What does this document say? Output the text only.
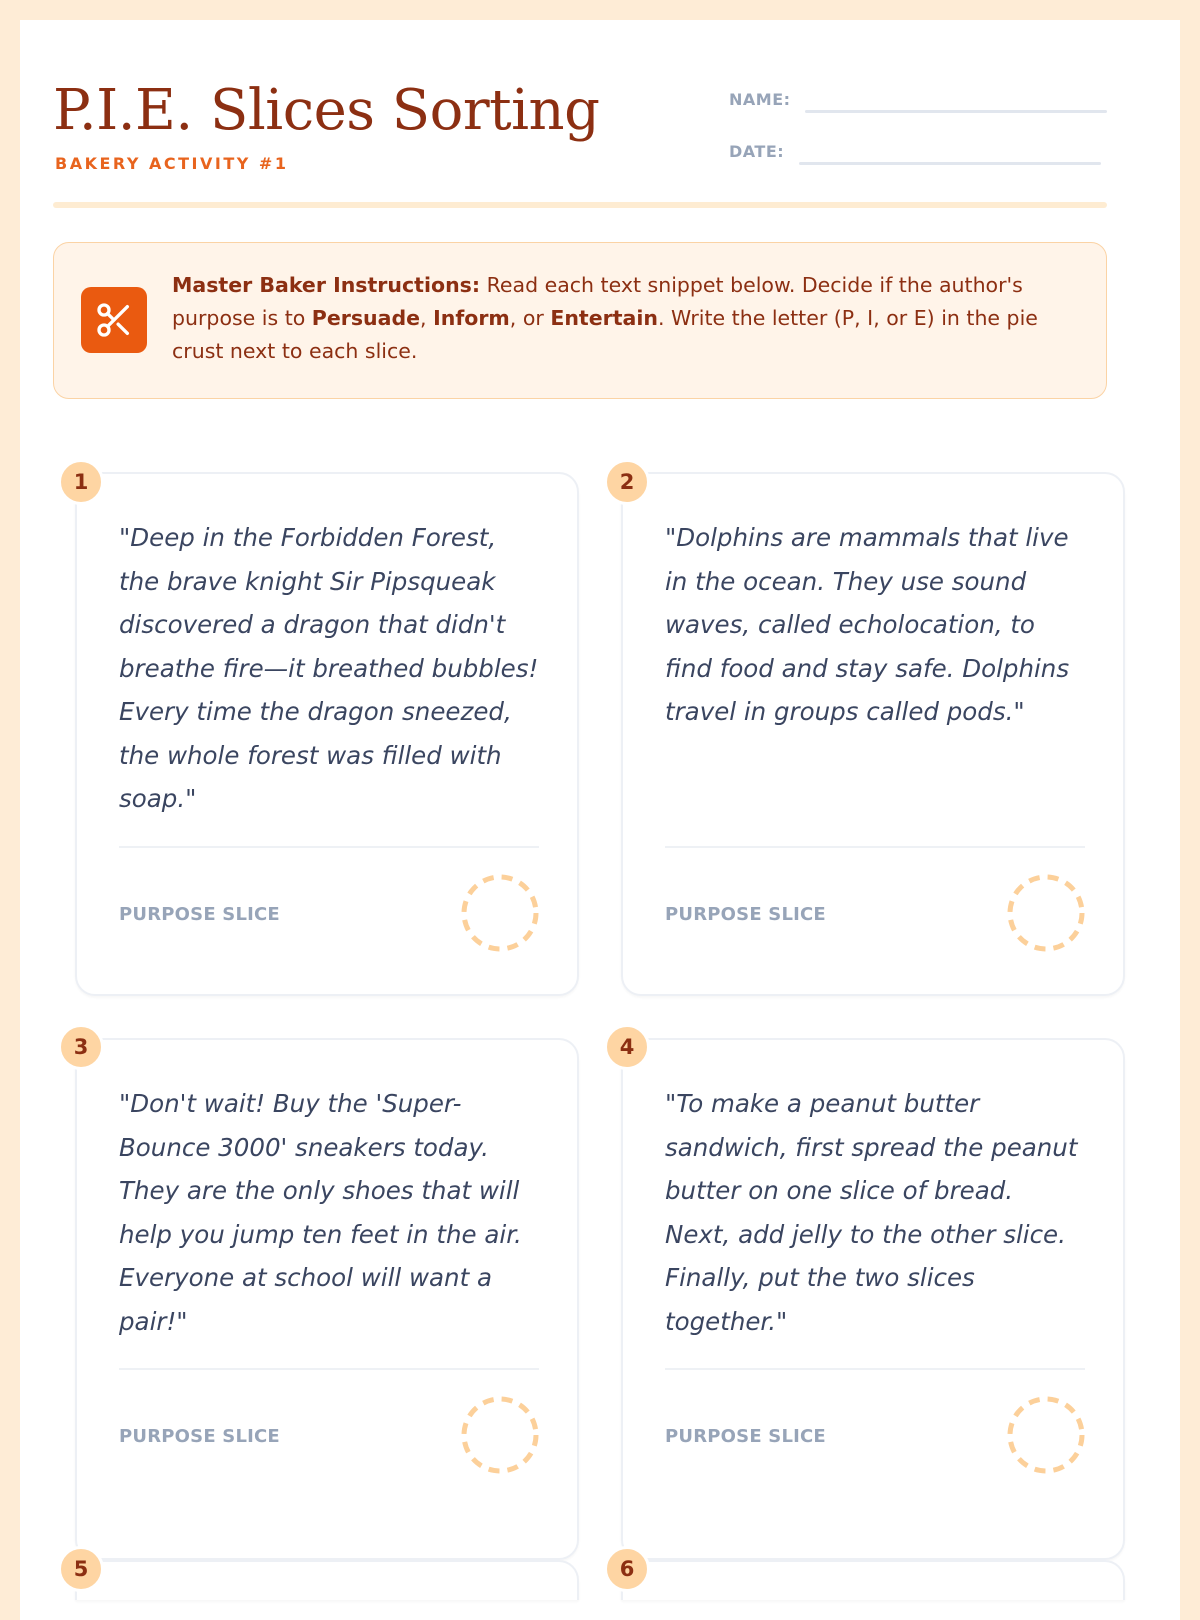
P.I.E. Slices Sorting
BAKERY ACTIVITY #1
NAME:
DATE:
Master Baker Instructions: Read each text snippet below. Decide if the author's purpose is to Persuade, Inform, or Entertain. Write the letter (P, I, or E) in the pie crust next to each slice.
"Deep in the Forbidden Forest, the brave knight Sir Pipsqueak discovered a dragon that didn't breathe fire—it breathed bubbles! Every time the dragon sneezed, the whole forest was filled with soap."
PURPOSE SLICE
1
"Dolphins are mammals that live in the ocean. They use sound waves, called echolocation, to find food and stay safe. Dolphins travel in groups called pods."
PURPOSE SLICE
2
"Don't wait! Buy the 'Super-Bounce 3000' sneakers today. They are the only shoes that will help you jump ten feet in the air. Everyone at school will want a pair!"
PURPOSE SLICE
3
"To make a peanut butter sandwich, first spread the peanut butter on one slice of bread. Next, add jelly to the other slice. Finally, put the two slices together."
PURPOSE SLICE
4
5	6
